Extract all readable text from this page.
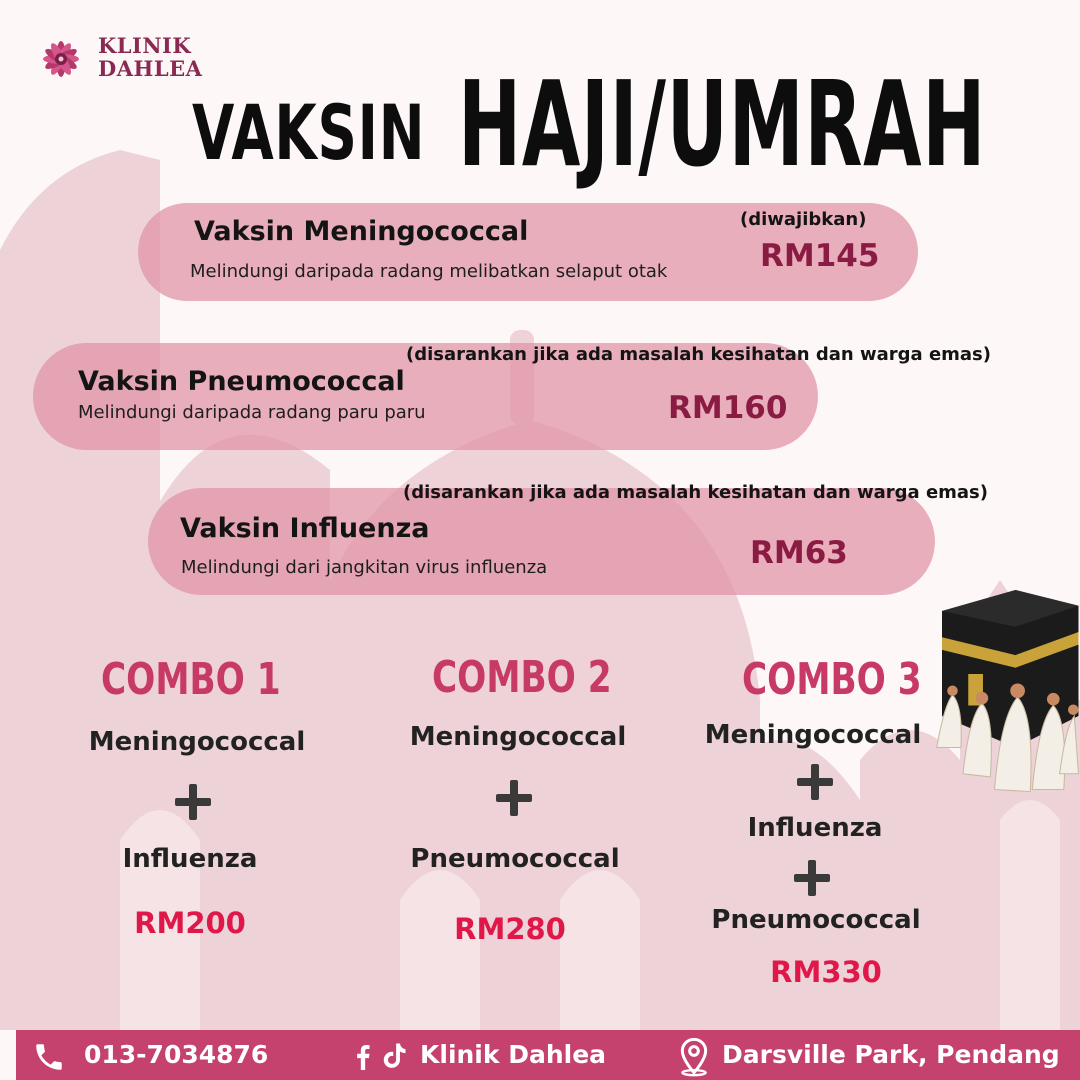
KLINIK
DAHLEA
VAKSIN HAJI/UMRAH
Vaksin Meningococcal
Melindungi daripada radang melibatkan selaput otak
(diwajibkan)
RM145
(disarankan jika ada masalah kesihatan dan warga emas)
Vaksin Pneumococcal
Melindungi daripada radang paru paru	RM160
(disarankan jika ada masalah kesihatan dan warga emas)
Vaksin Influenza
Melindungi dari jangkitan virus influenza	RM63
COMBO 1
Meningococcal
Influenza
RM200
COMBO 2
Meningococcal
Pneumococcal
RM280
COMBO 3
Meningococcal
Influenza
Pneumococcal
RM330
013-7034876	Klinik Dahlea	Darsville Park, Pendang
